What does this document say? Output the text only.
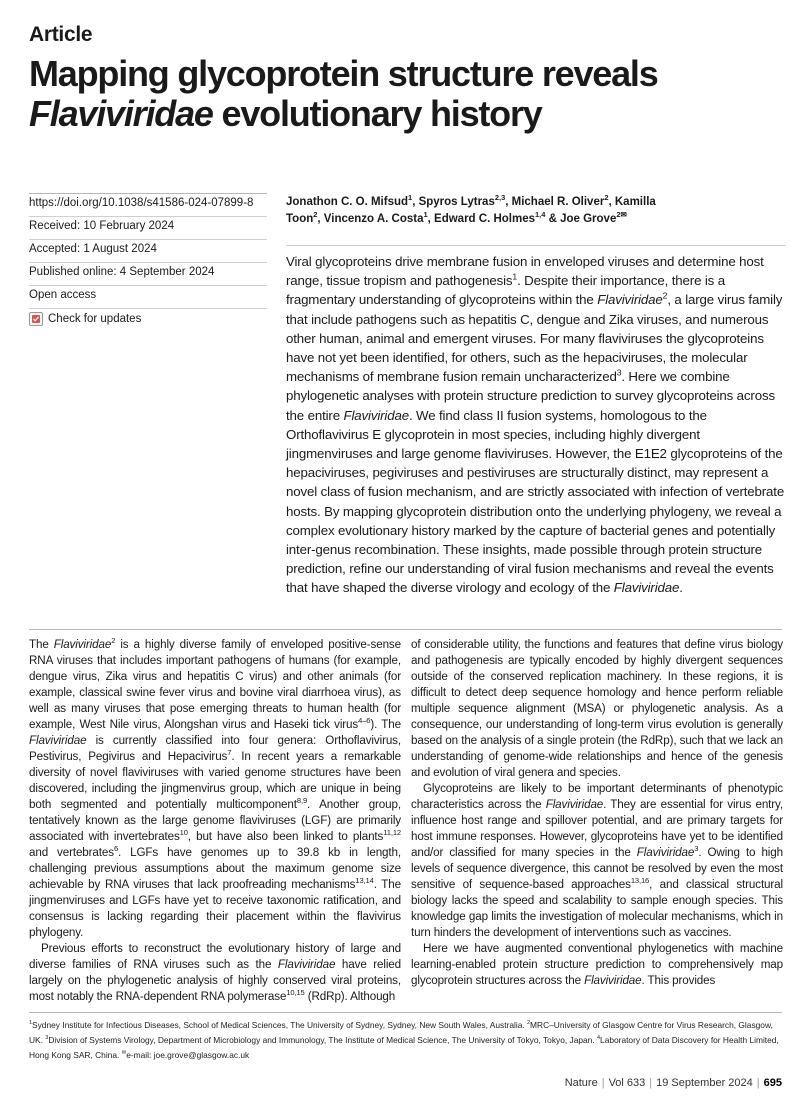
Article
Mapping glycoprotein structure reveals
Flaviviridae evolutionary history
https://doi.org/10.1038/s41586-024-07899-8
Received: 10 February 2024
Accepted: 1 August 2024
Published online: 4 September 2024
Open access
Check for updates
Jonathon C. O. Mifsud$^1$, Spyros Lytras$^{2,3}$, Michael R. Oliver$^2$, Kamilla Toon$^2$, Vincenzo A. Costa$^1$, Edward C. Holmes$^{1,4}$ & Joe Grove$^{2✉}$
Viral glycoproteins drive membrane fusion in enveloped viruses and determine host range, tissue tropism and pathogenesis$^1$. Despite their importance, there is a fragmentary understanding of glycoproteins within the Flaviviridae$^2$, a large virus family that include pathogens such as hepatitis C, dengue and Zika viruses, and numerous other human, animal and emergent viruses. For many flaviviruses the glycoproteins have not yet been identified, for others, such as the hepaciviruses, the molecular mechanisms of membrane fusion remain uncharacterized$^3$. Here we combine phylogenetic analyses with protein structure prediction to survey glycoproteins across the entire Flaviviridae. We find class II fusion systems, homologous to the Orthoflavivirus E glycoprotein in most species, including highly divergent jingmenviruses and large genome flaviviruses. However, the E1E2 glycoproteins of the hepaciviruses, pegiviruses and pestiviruses are structurally distinct, may represent a novel class of fusion mechanism, and are strictly associated with infection of vertebrate hosts. By mapping glycoprotein distribution onto the underlying phylogeny, we reveal a complex evolutionary history marked by the capture of bacterial genes and potentially inter-genus recombination. These insights, made possible through protein structure prediction, refine our understanding of viral fusion mechanisms and reveal the events that have shaped the diverse virology and ecology of the Flaviviridae.

The Flaviviridae$^2$ is a highly diverse family of enveloped positive-sense RNA viruses that includes important pathogens of humans (for example, dengue virus, Zika virus and hepatitis C virus) and other animals (for example, classical swine fever virus and bovine viral diarrhoea virus), as well as many viruses that pose emerging threats to human health (for example, West Nile virus, Alongshan virus and Haseki tick virus$^{4-6}$). The Flaviviridae is currently classified into four genera: Orthoflavivirus, Pestivirus, Pegivirus and Hepacivirus$^7$. In recent years a remarkable diversity of novel flaviviruses with varied genome structures have been discovered, including the jingmenvirus group, which are unique in being both segmented and potentially multicomponent$^{8,9}$. Another group, tentatively known as the large genome flaviviruses (LGF) are primarily associated with invertebrates$^{10}$, but have also been linked to plants$^{11,12}$ and vertebrates$^6$. LGFs have genomes up to 39.8 kb in length, challenging previous assumptions about the maximum genome size achievable by RNA viruses that lack proofreading mechanisms$^{13,14}$. The jingmenviruses and LGFs have yet to receive taxonomic ratification, and consensus is lacking regarding their placement within the flavivirus phylogeny.

Previous efforts to reconstruct the evolutionary history of large and diverse families of RNA viruses such as the Flaviviridae have relied largely on the phylogenetic analysis of highly conserved viral proteins, most notably the RNA-dependent RNA polymerase$^{10,15}$ (RdRp). Although

of considerable utility, the functions and features that define virus biology and pathogenesis are typically encoded by highly divergent sequences outside of the conserved replication machinery. In these regions, it is difficult to detect deep sequence homology and hence perform reliable multiple sequence alignment (MSA) or phylogenetic analysis. As a consequence, our understanding of long-term virus evolution is generally based on the analysis of a single protein (the RdRp), such that we lack an understanding of genome-wide relationships and hence of the genesis and evolution of viral genera and species.

Glycoproteins are likely to be important determinants of phenotypic characteristics across the Flaviviridae. They are essential for virus entry, influence host range and spillover potential, and are primary targets for host immune responses. However, glycoproteins have yet to be identified and/or classified for many species in the Flaviviridae$^3$. Owing to high levels of sequence divergence, this cannot be resolved by even the most sensitive of sequence-based approaches$^{13,16}$, and classical structural biology lacks the speed and scalability to sample enough species. This knowledge gap limits the investigation of molecular mechanisms, which in turn hinders the development of interventions such as vaccines.

Here we have augmented conventional phylogenetics with machine learning-enabled protein structure prediction to comprehensively map glycoprotein structures across the Flaviviridae. This provides

$^1$Sydney Institute for Infectious Diseases, School of Medical Sciences, The University of Sydney, Sydney, New South Wales, Australia. $^2$MRC–University of Glasgow Centre for Virus Research, Glasgow, UK. $^3$Division of Systems Virology, Department of Microbiology and Immunology, The Institute of Medical Science, The University of Tokyo, Tokyo, Japan. $^4$Laboratory of Data Discovery for Health Limited, Hong Kong SAR, China. ✉e-mail: joe.grove@glasgow.ac.uk
Nature | Vol 633 | 19 September 2024 | 695
